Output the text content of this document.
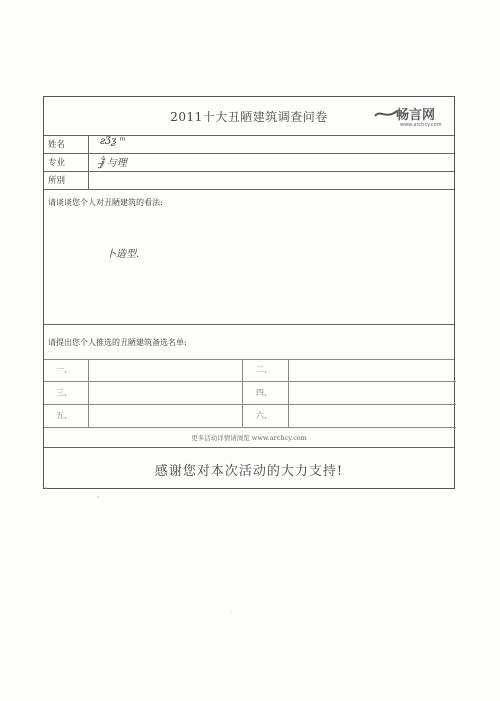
2011十大丑陋建筑调查问卷	畅言网
www.archcy.com
姓名	ƨƷƺ ᵐ
专业	ⅉ̶̈́ 与理
所別
请谈谈您个人对丑陋建筑的看法:
卜造型.
请提出您个人推选的丑陋建筑备选名单:
一、	二、
三、	四、
五、	六、
更多活动详情请浏览 www.archcy.com
感谢您对本次活动的大力支持!
